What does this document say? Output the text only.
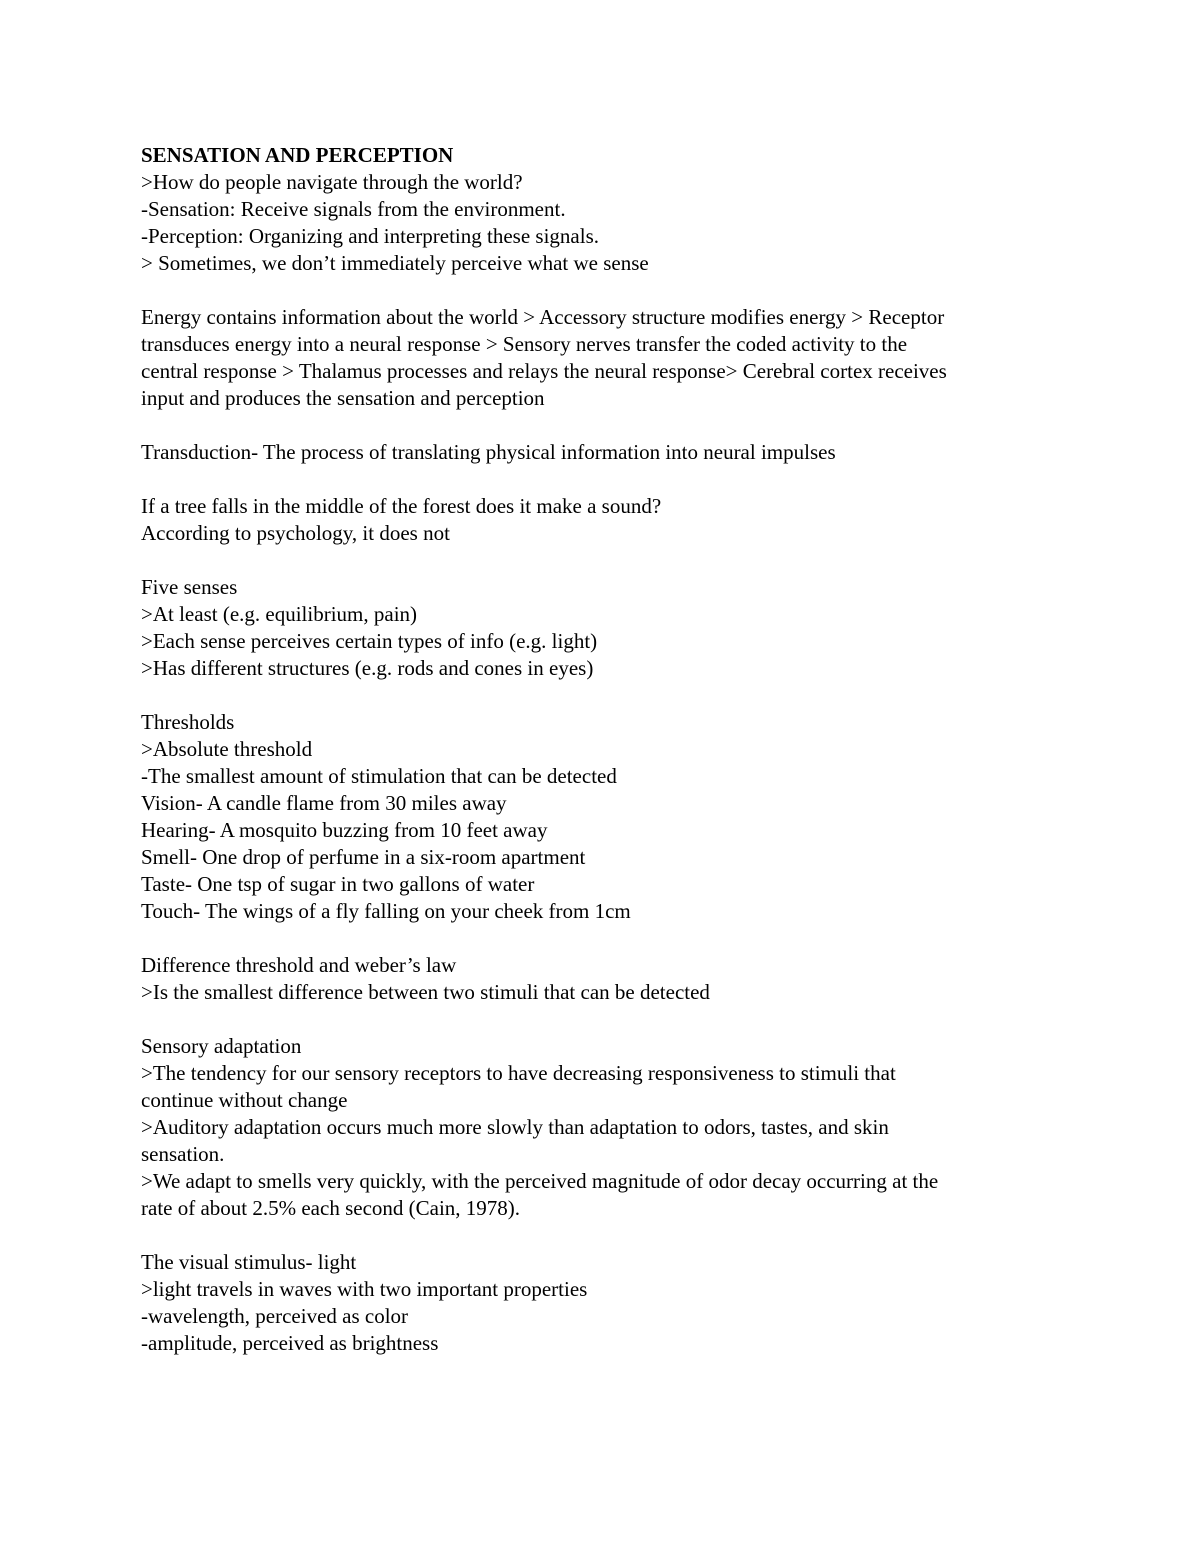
SENSATION AND PERCEPTION

>How do people navigate through the world?

-Sensation: Receive signals from the environment.

-Perception: Organizing and interpreting these signals.

> Sometimes, we don’t immediately perceive what we sense

Energy contains information about the world > Accessory structure modifies energy > Receptor

transduces energy into a neural response > Sensory nerves transfer the coded activity to the

central response > Thalamus processes and relays the neural response> Cerebral cortex receives

input and produces the sensation and perception

Transduction- The process of translating physical information into neural impulses

If a tree falls in the middle of the forest does it make a sound?

According to psychology, it does not

Five senses

>At least (e.g. equilibrium, pain)

>Each sense perceives certain types of info (e.g. light)

>Has different structures (e.g. rods and cones in eyes)

Thresholds

>Absolute threshold

-The smallest amount of stimulation that can be detected

Vision- A candle flame from 30 miles away

Hearing- A mosquito buzzing from 10 feet away

Smell- One drop of perfume in a six-room apartment

Taste- One tsp of sugar in two gallons of water

Touch- The wings of a fly falling on your cheek from 1cm

Difference threshold and weber’s law

>Is the smallest difference between two stimuli that can be detected

Sensory adaptation

>The tendency for our sensory receptors to have decreasing responsiveness to stimuli that

continue without change

>Auditory adaptation occurs much more slowly than adaptation to odors, tastes, and skin

sensation.

>We adapt to smells very quickly, with the perceived magnitude of odor decay occurring at the

rate of about 2.5% each second (Cain, 1978).

The visual stimulus- light

>light travels in waves with two important properties

-wavelength, perceived as color

-amplitude, perceived as brightness
